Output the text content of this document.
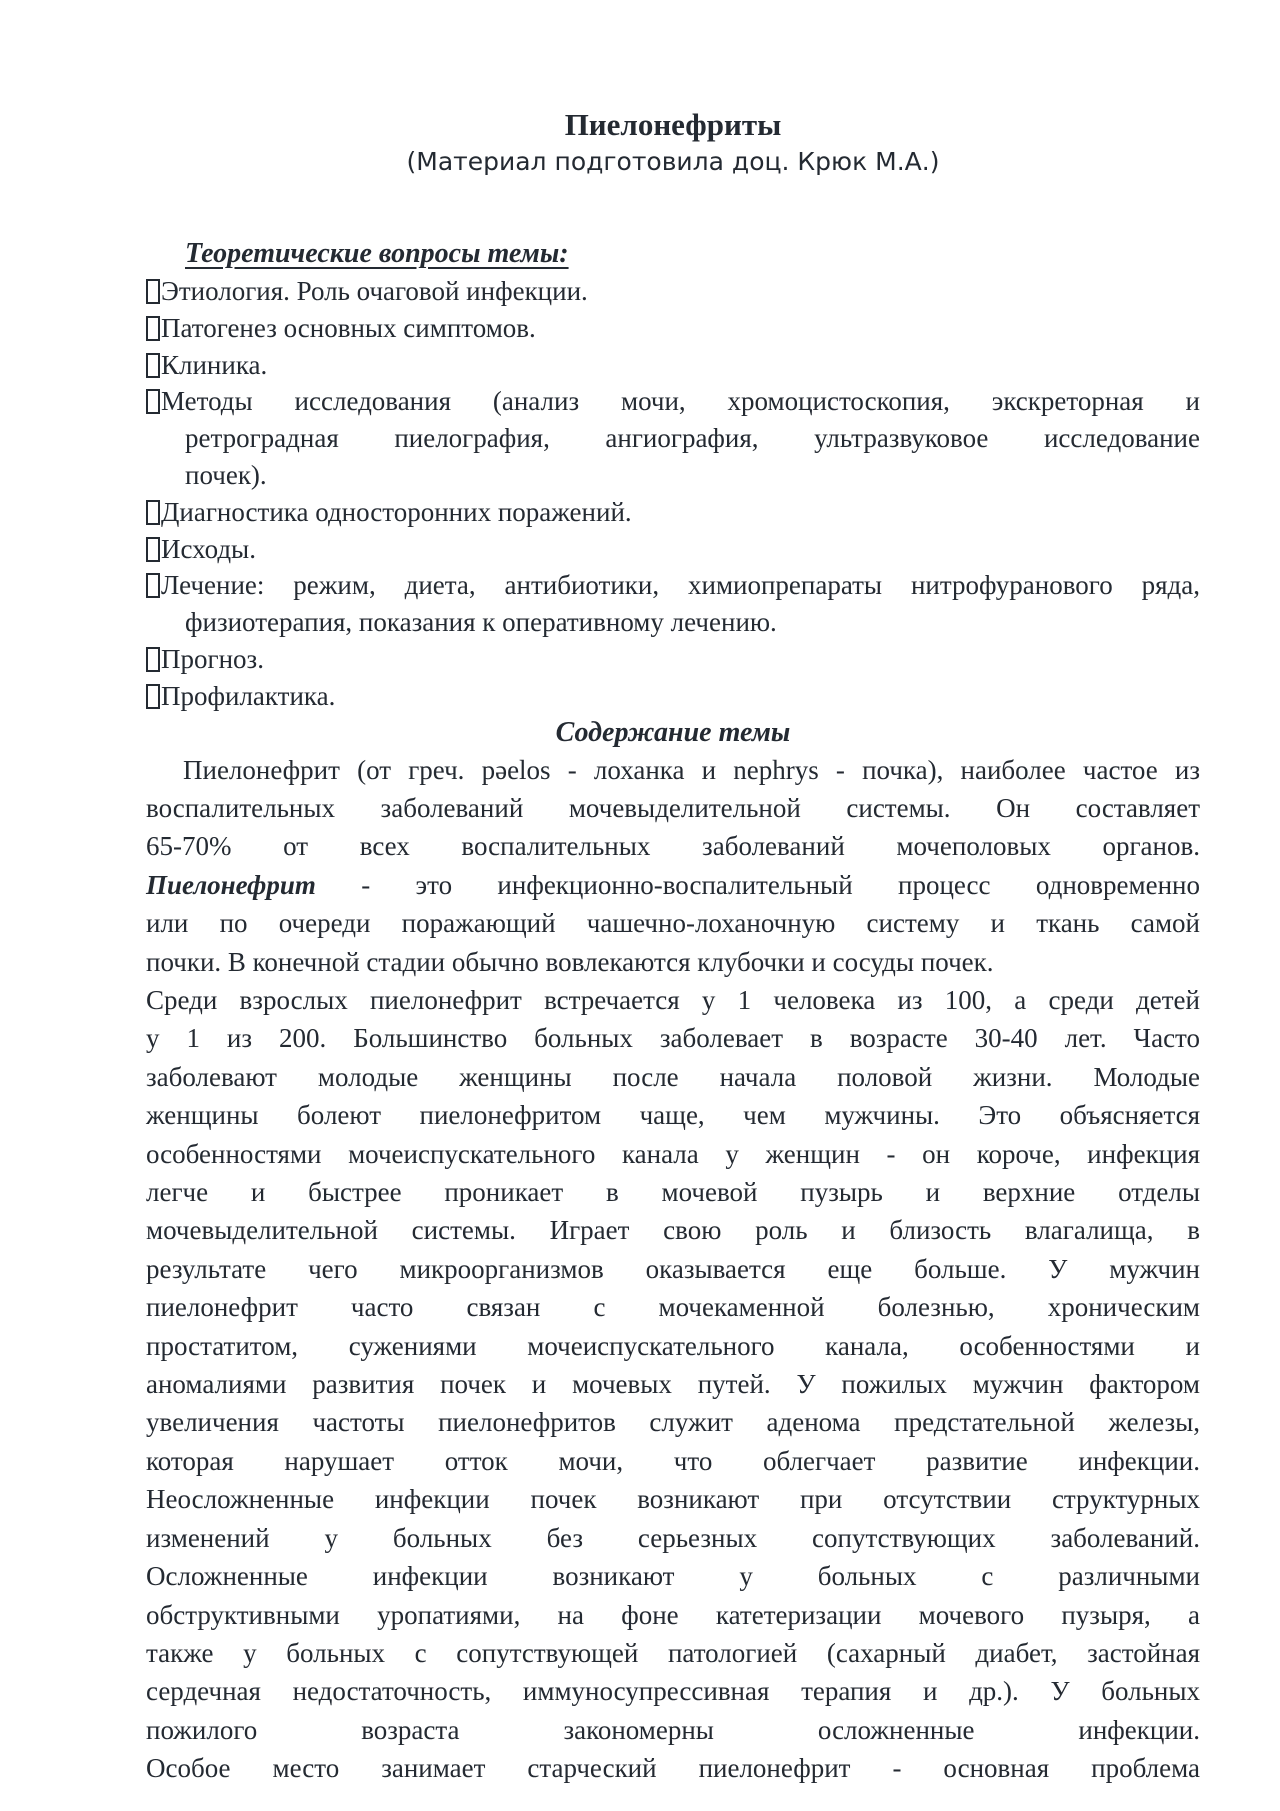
Пиелонефриты
(Материал подготовила доц. Крюк М.А.)
Теоретические вопросы темы:
Этиология. Роль очаговой инфекции.
Патогенез основных симптомов.
Клиника.
Методы исследования (анализ мочи, хромоцистоскопия, экскреторная и
ретроградная пиелография, ангиография, ультразвуковое исследование
почек).
Диагностика односторонних поражений.
Исходы.
Лечение: режим, диета, антибиотики, химиопрепараты нитрофуранового ряда,
физиотерапия, показания к оперативному лечению.
Прогноз.
Профилактика.
Содержание темы
Пиелонефрит (от греч. pəelos - лоханка и nephrys - почка), наиболее частое из
воспалительных заболеваний мочевыделительной системы. Он составляет
65-70% от всех воспалительных заболеваний мочеполовых органов.
Пиелонефрит - это инфекционно-воспалительный процесс одновременно
или по очереди поражающий чашечно-лоханочную систему и ткань самой
почки. В конечной стадии обычно вовлекаются клубочки и сосуды почек.
Среди взрослых пиелонефрит встречается у 1 человека из 100, а среди детей
у 1 из 200. Большинство больных заболевает в возрасте 30-40 лет. Часто
заболевают молодые женщины после начала половой жизни. Молодые
женщины болеют пиелонефритом чаще, чем мужчины. Это объясняется
особенностями мочеиспускательного канала у женщин - он короче, инфекция
легче и быстрее проникает в мочевой пузырь и верхние отделы
мочевыделительной системы. Играет свою роль и близость влагалища, в
результате чего микроорганизмов оказывается еще больше. У мужчин
пиелонефрит часто связан с мочекаменной болезнью, хроническим
простатитом, сужениями мочеиспускательного канала, особенностями и
аномалиями развития почек и мочевых путей. У пожилых мужчин фактором
увеличения частоты пиелонефритов служит аденома предстательной железы,
которая нарушает отток мочи, что облегчает развитие инфекции.
Неосложненные инфекции почек возникают при отсутствии структурных
изменений у больных без серьезных сопутствующих заболеваний.
Осложненные инфекции возникают у больных с различными
обструктивными уропатиями, на фоне катетеризации мочевого пузыря, а
также у больных с сопутствующей патологией (сахарный диабет, застойная
сердечная недостаточность, иммуносупрессивная терапия и др.). У больных
пожилого возраста закономерны осложненные инфекции.
Особое место занимает старческий пиелонефрит - основная проблема
